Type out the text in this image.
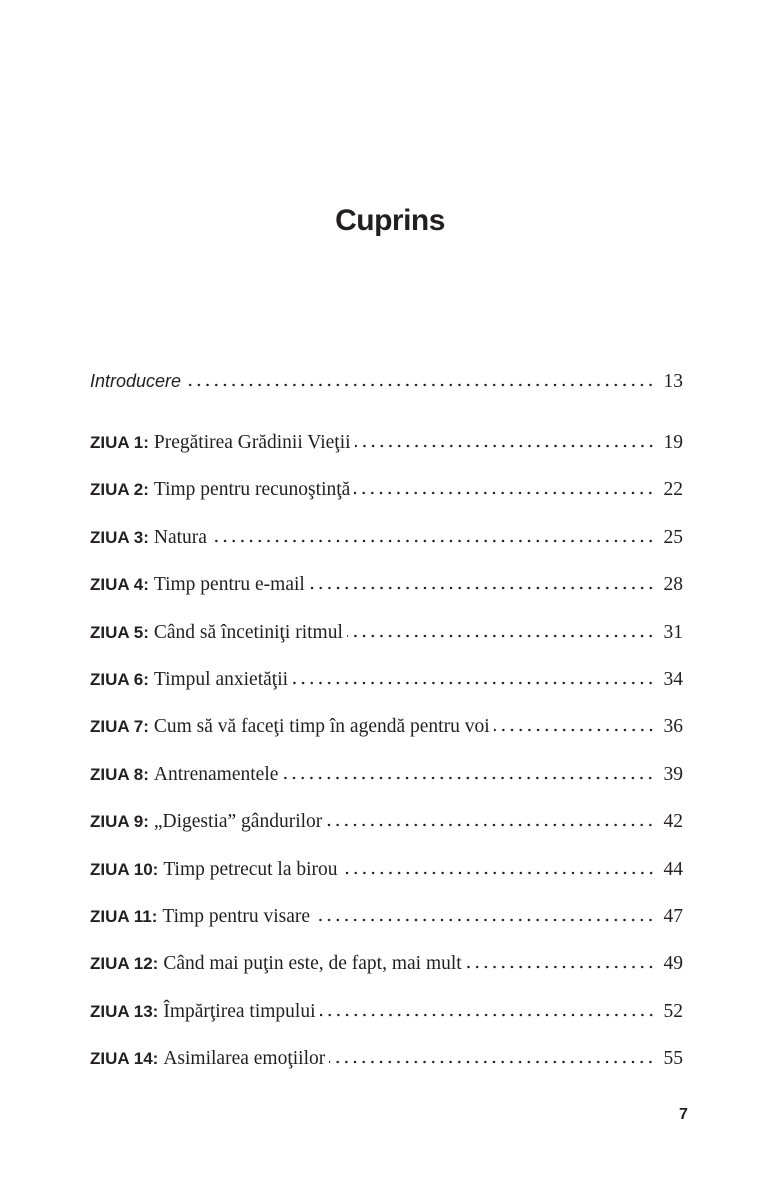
Cuprins
Introducere	13
ZIUA 1: Pregătirea Grădinii Vieţii	19
ZIUA 2: Timp pentru recunoştinţă	22
ZIUA 3: Natura	25
ZIUA 4: Timp pentru e-mail	28
ZIUA 5: Când să încetiniţi ritmul	31
ZIUA 6: Timpul anxietăţii	34
ZIUA 7: Cum să vă faceţi timp în agendă pentru voi	36
ZIUA 8: Antrenamentele	39
ZIUA 9: „Digestia” gândurilor	42
ZIUA 10: Timp petrecut la birou	44
ZIUA 11: Timp pentru visare	47
ZIUA 12: Când mai puţin este, de fapt, mai mult	49
ZIUA 13: Împărţirea timpului	52
ZIUA 14: Asimilarea emoţiilor	55
7
